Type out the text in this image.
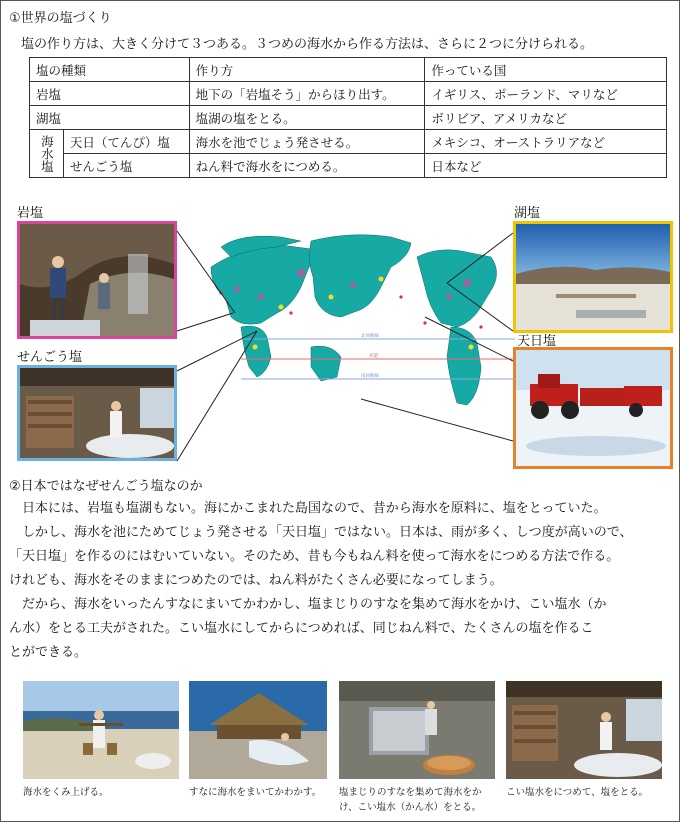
①世界の塩づくり
塩の作り方は、大きく分けて３つある。３つめの海水から作る方法は、さらに２つに分けられる。
塩の種類		作り方	作っている国
岩塩		地下の「岩塩そう」からほり出す。	イギリス、ポーランド、マリなど
湖塩		塩湖の塩をとる。	ボリビア、アメリカなど
海水塩	天日（てんぴ）塩	海水を池でじょう発させる。	メキシコ、オーストラリアなど
	せんごう塩	ねん料で海水をにつめる。	日本など
岩塩	湖塩
せんごう塩
天日塩
北回帰線
赤道
南回帰線
②日本ではなぜせんごう塩なのか

　日本には、岩塩も塩湖もない。海にかこまれた島国なので、昔から海水を原料に、塩をとっていた。

　しかし、海水を池にためてじょう発させる「天日塩」ではない。日本は、雨が多く、しつ度が高いので、

「天日塩」を作るのにはむいていない。そのため、昔も今もねん料を使って海水をにつめる方法で作る。

けれども、海水をそのままにつめたのでは、ねん料がたくさん必要になってしまう。

　だから、海水をいったんすなにまいてかわかし、塩まじりのすなを集めて海水をかけ、こい塩水（か

ん水）をとる工夫がされた。こい塩水にしてからにつめれば、同じねん料で、たくさんの塩を作るこ

とができる。

海水をくみ上げる。	すなに海水をまいてかわかす。	塩まじりのすなを集めて海水をかけ、こい塩水（かん水）をとる。
こい塩水をにつめて、塩をとる。
